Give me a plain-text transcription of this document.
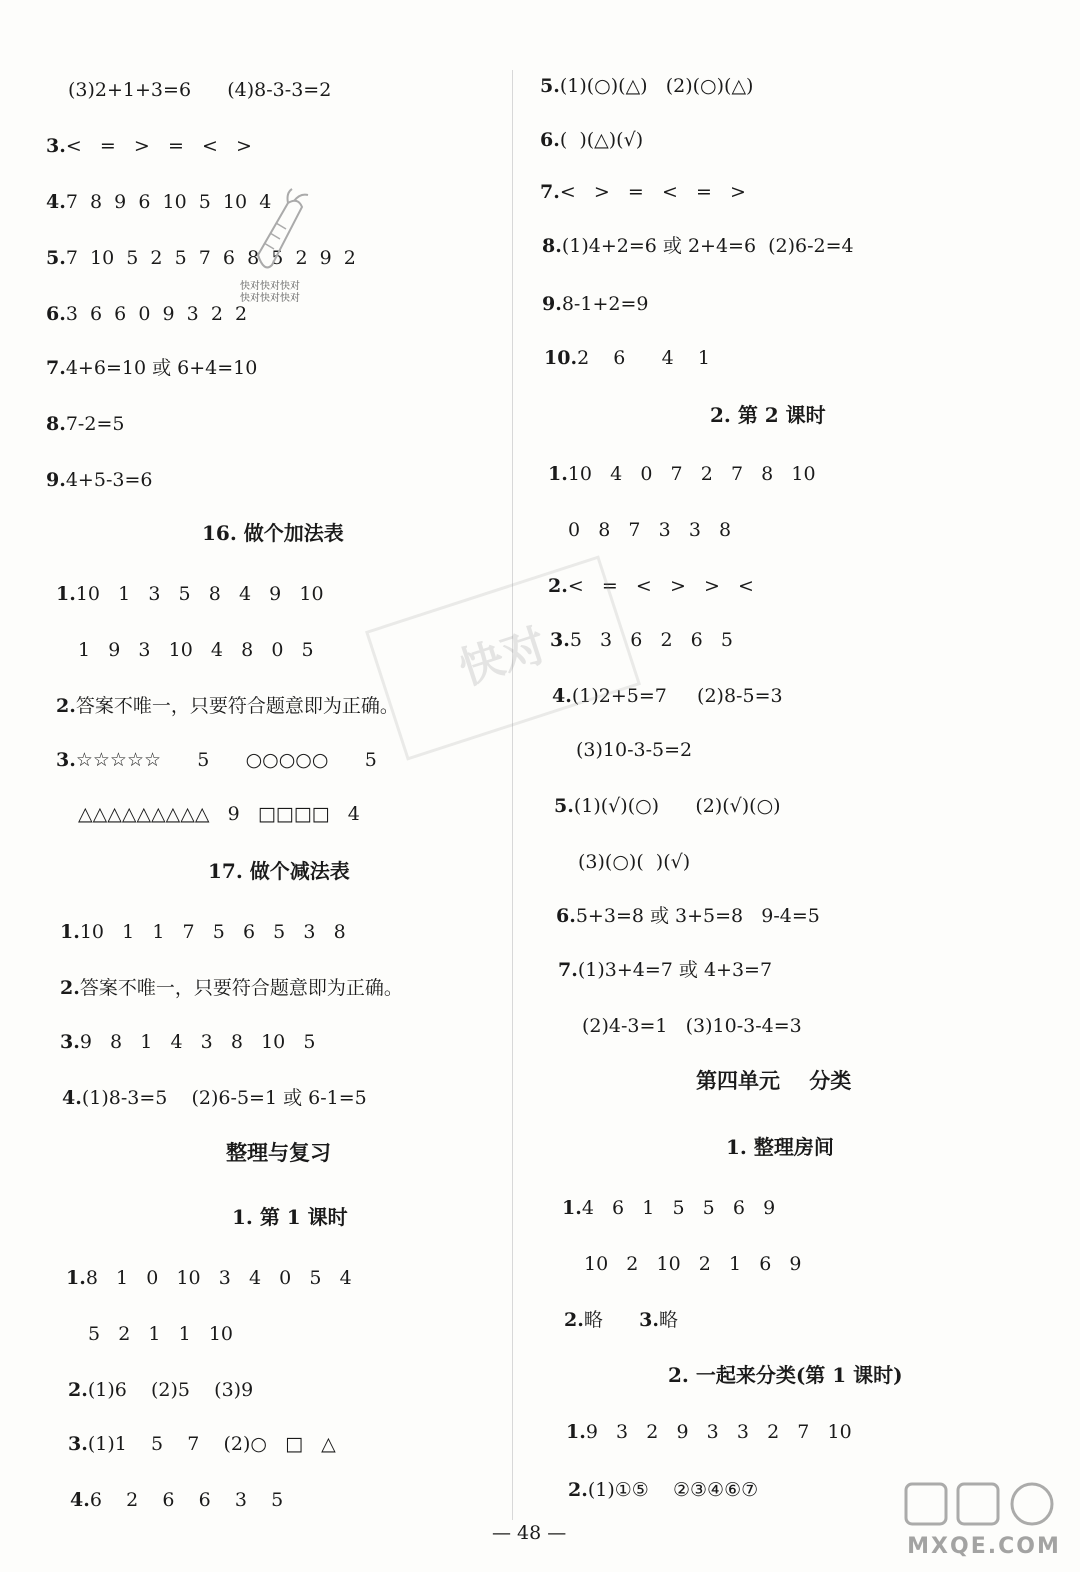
(3)2+1+3=6      (4)8-3-3=2
3.<   =   >   =   <   >
4.7  8  9  6  10  5  10  4
5.7  10  5  2  5  7  6  8  5  2  9  2
6.3  6  6  0  9  3  2  2
7.4+6=10 或 6+4=10
8.7-2=5
9.4+5-3=6
16. 做个加法表
1.10   1   3   5   8   4   9   10
1   9   3   10   4   8   0   5
2.答案不唯一，只要符合题意即为正确。
3.☆☆☆☆☆      5      ○○○○○      5
△△△△△△△△△   9   □□□□   4
17. 做个减法表
1.10   1   1   7   5   6   5   3   8
2.答案不唯一，只要符合题意即为正确。
3.9   8   1   4   3   8   10   5
4.(1)8-3=5    (2)6-5=1 或 6-1=5
整理与复习
1. 第 1 课时
1.8   1   0   10   3   4   0   5   4
5   2   1   1   10
2.(1)6    (2)5    (3)9
3.(1)1    5    7    (2)○   □   △
4.6    2    6    6    3    5
5.(1)(○)(△)   (2)(○)(△)
6.(  )(△)(√)
7.<   >   =   <   =   >
8.(1)4+2=6 或 2+4=6  (2)6-2=4
9.8-1+2=9
10.2    6      4    1
2. 第 2 课时
1.10   4   0   7   2   7   8   10
0   8   7   3   3   8
2.<   =   <   >   >   <
3.5   3   6   2   6   5
4.(1)2+5=7     (2)8-5=3
(3)10-3-5=2
5.(1)(√)(○)      (2)(√)(○)
(3)(○)(  )(√)
6.5+3=8 或 3+5=8   9-4=5
7.(1)3+4=7 或 4+3=7
(2)4-3=1   (3)10-3-4=3
第四单元    分类
1. 整理房间
1.4   6   1   5   5   6   9
10   2   10   2   1   6   9
2.略 3.略
2. 一起来分类(第 1 课时)
1.9   3   2   9   3   3   2   7   10
2.(1)①⑤    ②③④⑥⑦
— 48 —
快对
快对快对快对
快对快对快对
MXQE.COM
